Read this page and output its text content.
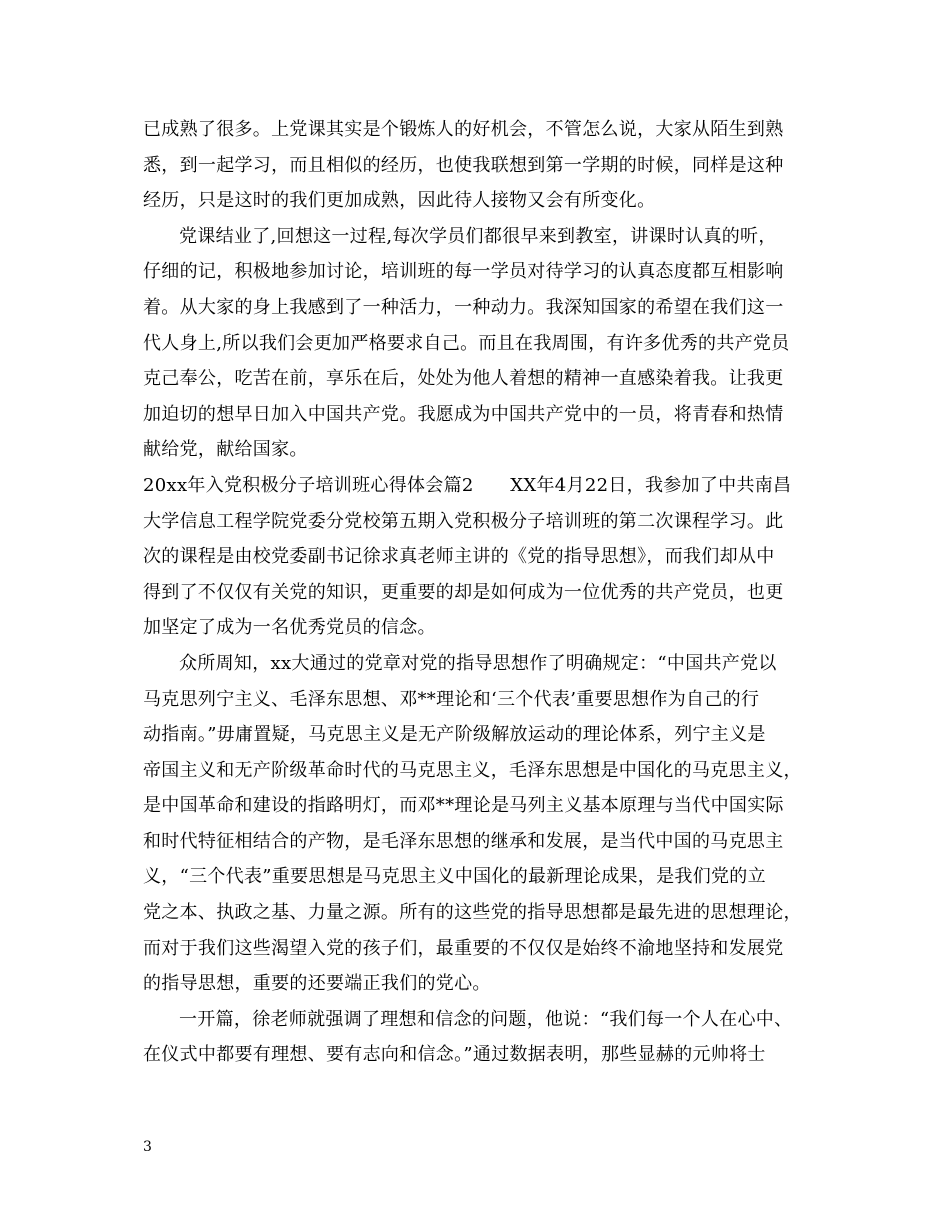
已成熟了很多。上党课其实是个锻炼人的好机会，不管怎么说，大家从陌生到熟
悉，到一起学习，而且相似的经历，也使我联想到第一学期的时候，同样是这种
经历，只是这时的我们更加成熟，因此待人接物又会有所变化。
党课结业了,回想这一过程,每次学员们都很早来到教室，讲课时认真的听，
仔细的记，积极地参加讨论，培训班的每一学员对待学习的认真态度都互相影响
着。从大家的身上我感到了一种活力，一种动力。我深知国家的希望在我们这一
代人身上,所以我们会更加严格要求自己。而且在我周围，有许多优秀的共产党员
克己奉公，吃苦在前，享乐在后，处处为他人着想的精神一直感染着我。让我更
加迫切的想早日加入中国共产党。我愿成为中国共产党中的一员，将青春和热情
献给党，献给国家。
20xx年入党积极分子培训班心得体会篇2　　XX年4月22日，我参加了中共南昌
大学信息工程学院党委分党校第五期入党积极分子培训班的第二次课程学习。此
次的课程是由校党委副书记徐求真老师主讲的《党的指导思想》，而我们却从中
得到了不仅仅有关党的知识，更重要的却是如何成为一位优秀的共产党员，也更
加坚定了成为一名优秀党员的信念。
众所周知，xx大通过的党章对党的指导思想作了明确规定：“中国共产党以
马克思列宁主义、毛泽东思想、邓**理论和‘三个代表’重要思想作为自己的行
动指南。”毋庸置疑，马克思主义是无产阶级解放运动的理论体系，列宁主义是
帝国主义和无产阶级革命时代的马克思主义，毛泽东思想是中国化的马克思主义，
是中国革命和建设的指路明灯，而邓**理论是马列主义基本原理与当代中国实际
和时代特征相结合的产物，是毛泽东思想的继承和发展，是当代中国的马克思主
义，“三个代表”重要思想是马克思主义中国化的最新理论成果，是我们党的立
党之本、执政之基、力量之源。所有的这些党的指导思想都是最先进的思想理论，
而对于我们这些渴望入党的孩子们，最重要的不仅仅是始终不渝地坚持和发展党
的指导思想，重要的还要端正我们的党心。
一开篇，徐老师就强调了理想和信念的问题，他说：“我们每一个人在心中、
在仪式中都要有理想、要有志向和信念。”通过数据表明，那些显赫的元帅将士
3
